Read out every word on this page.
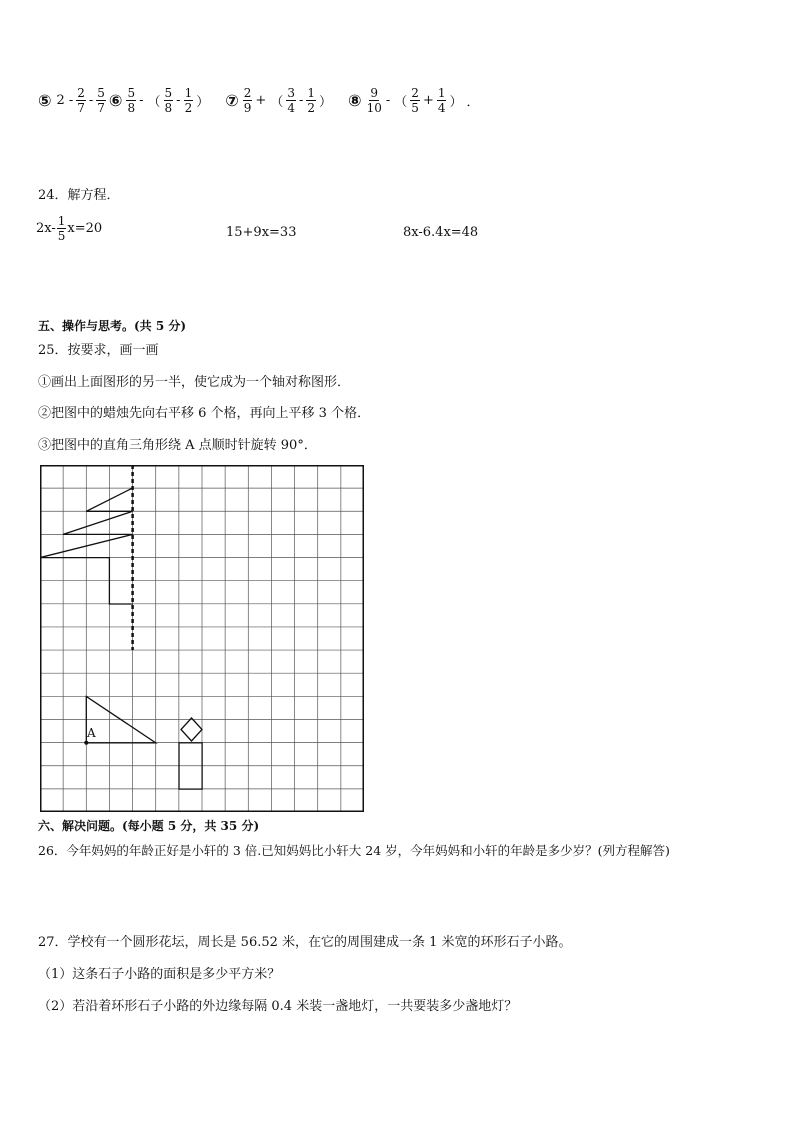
⑤ $2 - \frac{2}{7} - \frac{5}{7}$ ⑥ $\frac{5}{8}$ - （ $\frac{5}{8} - \frac{1}{2}$ ） ⑦ $\frac{2}{9}$ + （ $\frac{3}{4} - \frac{1}{2}$ ） ⑧ $\frac{9}{10}$ - （ $\frac{2}{5} + \frac{1}{4}$ ） ．
24．解方程．
$2x- \frac{1}{5} x=20$	15+9x=33	8x-6.4x=48
五、操作与思考。(共 5 分)
25．按要求，画一画
①画出上面图形的另一半，使它成为一个轴对称图形．
②把图中的蜡烛先向右平移 6 个格，再向上平移 3 个格．
③把图中的直角三角形绕 A 点顺时针旋转 90°．
A
六、解决问题。(每小题 5 分，共 35 分)
26．今年妈妈的年龄正好是小轩的 3 倍.已知妈妈比小轩大 24 岁，今年妈妈和小轩的年龄是多少岁？(列方程解答)
27．学校有一个圆形花坛，周长是 56.52 米，在它的周围建成一条 1 米宽的环形石子小路。
（1）这条石子小路的面积是多少平方米？
（2）若沿着环形石子小路的外边缘每隔 0.4 米装一盏地灯，一共要装多少盏地灯？
